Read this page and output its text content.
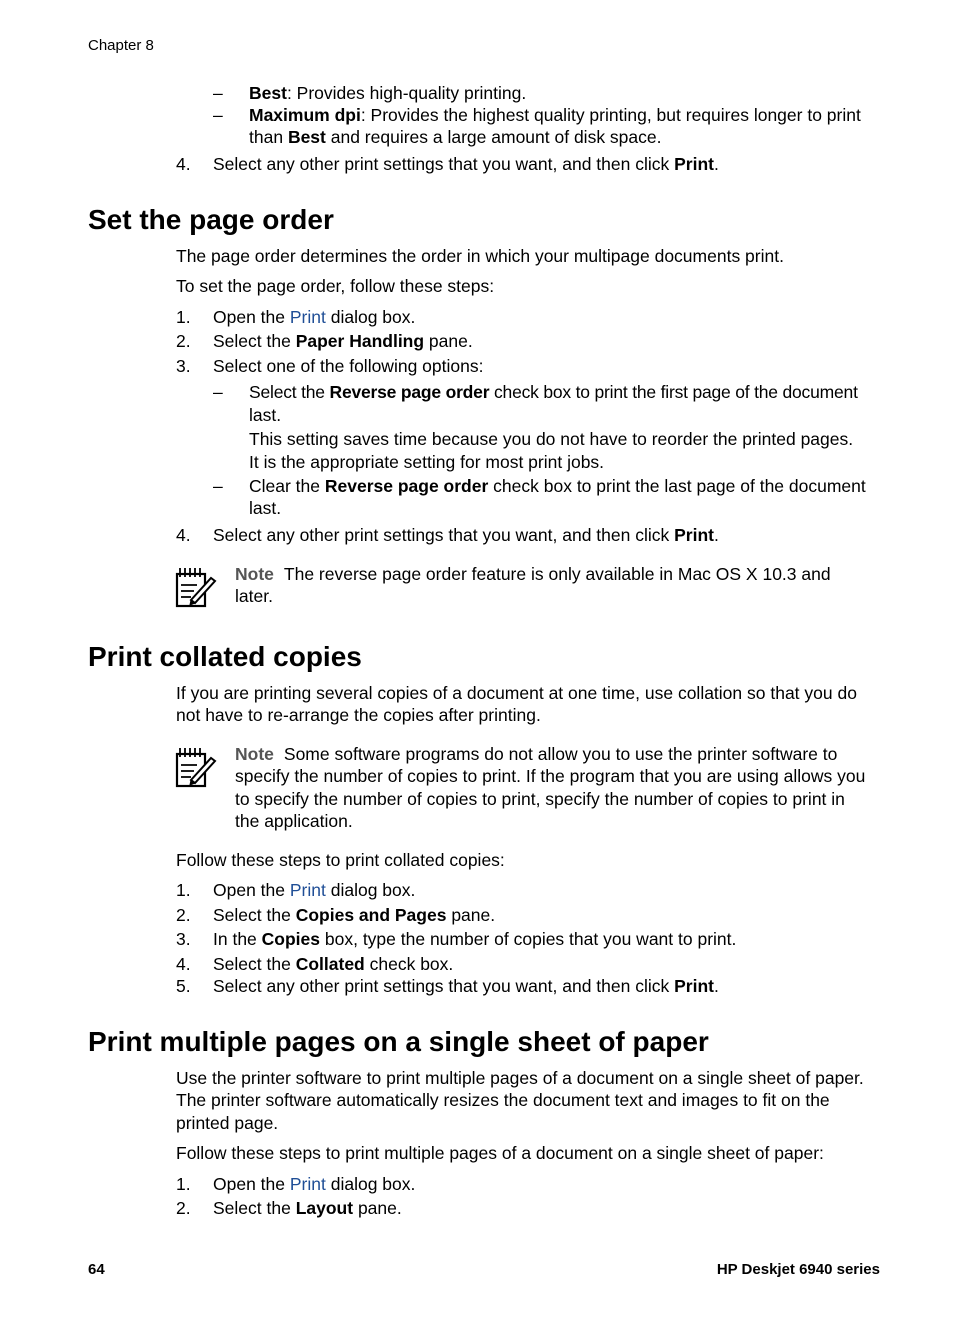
Chapter 8
– Best: Provides high-quality printing.
– Maximum dpi: Provides the highest quality printing, but requires longer to print
than Best and requires a large amount of disk space.
4. Select any other print settings that you want, and then click Print.
Set the page order
The page order determines the order in which your multipage documents print.
To set the page order, follow these steps:
1. Open the Print dialog box.
2. Select the Paper Handling pane.
3. Select one of the following options:
– Select the Reverse page order check box to print the first page of the document
last.
This setting saves time because you do not have to reorder the printed pages.
It is the appropriate setting for most print jobs.
– Clear the Reverse page order check box to print the last page of the document
last.
4. Select any other print settings that you want, and then click Print.
Note The reverse page order feature is only available in Mac OS X 10.3 and
later.
Print collated copies
If you are printing several copies of a document at one time, use collation so that you do
not have to re-arrange the copies after printing.
Note Some software programs do not allow you to use the printer software to
specify the number of copies to print. If the program that you are using allows you
to specify the number of copies to print, specify the number of copies to print in
the application.
Follow these steps to print collated copies:
1. Open the Print dialog box.
2. Select the Copies and Pages pane.
3. In the Copies box, type the number of copies that you want to print.
4. Select the Collated check box.
5. Select any other print settings that you want, and then click Print.
Print multiple pages on a single sheet of paper
Use the printer software to print multiple pages of a document on a single sheet of paper.
The printer software automatically resizes the document text and images to fit on the
printed page.
Follow these steps to print multiple pages of a document on a single sheet of paper:
1. Open the Print dialog box.
2. Select the Layout pane.
64	HP Deskjet 6940 series
